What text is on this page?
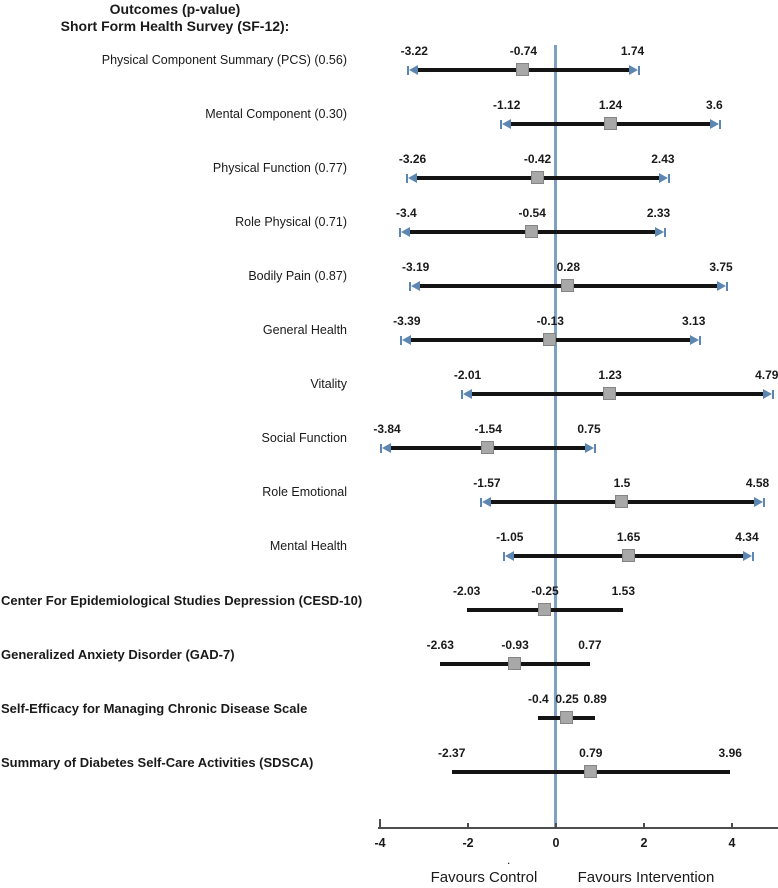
Outcomes (p-value)
Short Form Health Survey (SF-12):
Physical Component Summary (PCS) (0.56)
-3.22	-0.74	1.74
Mental Component (0.30)
-1.12	1.24	3.6
Physical Function (0.77)
-3.26	-0.42	2.43
Role Physical (0.71)
-3.4	-0.54	2.33
Bodily Pain (0.87)
-3.19	0.28	3.75
General Health
-3.39	-0.13	3.13
Vitality
-2.01	1.23	4.79
Social Function
-3.84	-1.54	0.75
Role Emotional
-1.57	1.5	4.58
Mental Health
-1.05	1.65	4.34
Center For Epidemiological Studies Depression (CESD-10)
-2.03	-0.25	1.53
Generalized Anxiety Disorder (GAD-7)
-2.63	-0.93	0.77
Self-Efficacy for Managing Chronic Disease Scale
-0.4 0.25 0.89
Summary of Diabetes Self-Care Activities (SDSCA)
-2.37	0.79	3.96
-4	-2	0	2	4
.
Favours Control	Favours Intervention
